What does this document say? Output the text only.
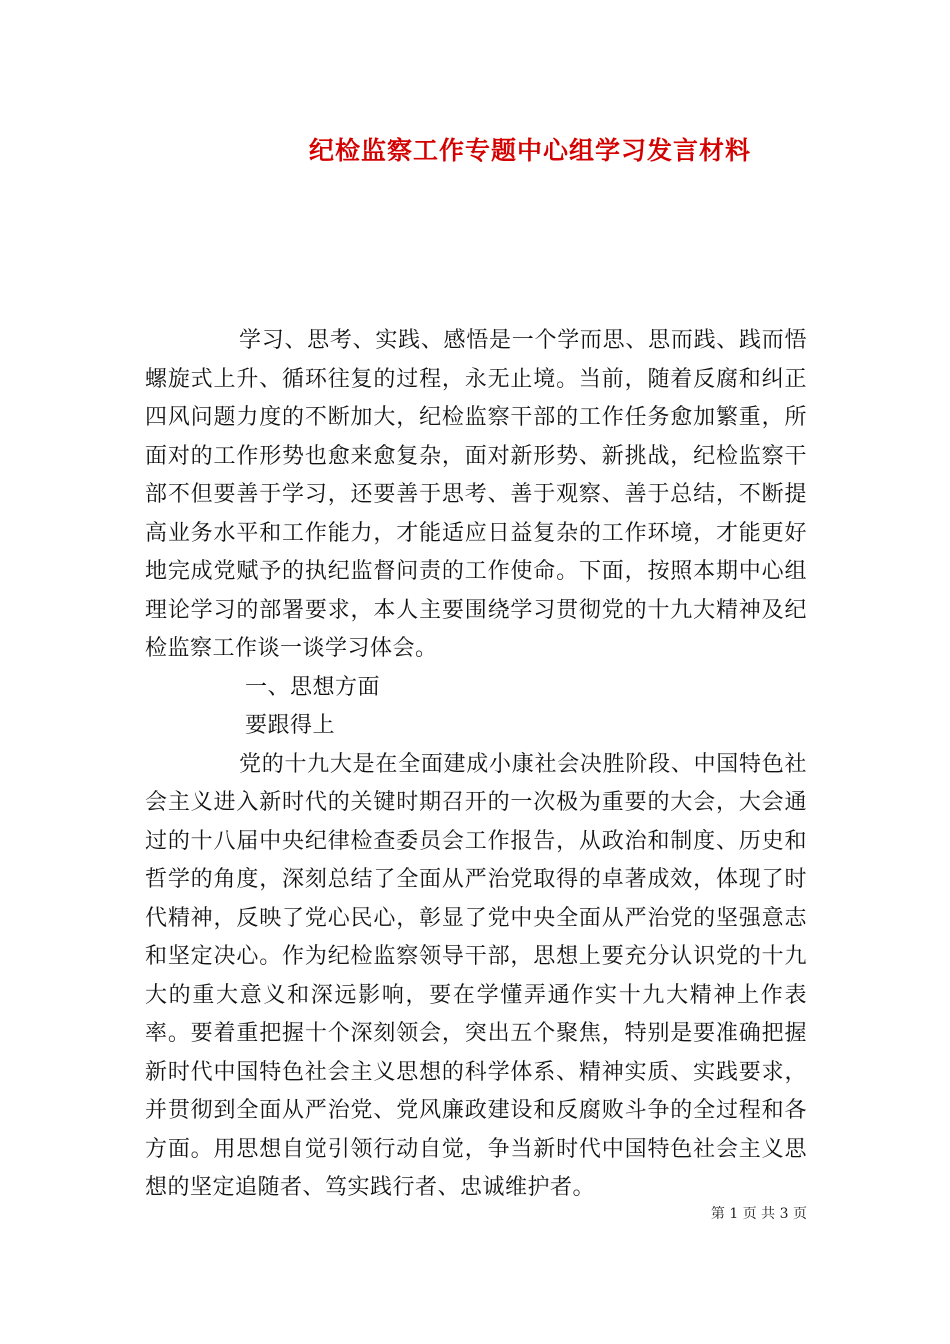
纪检监察工作专题中心组学习发言材料

学习、思考、实践、感悟是一个学而思、思而践、践而悟螺旋式上升、循环往复的过程，永无止境。当前，随着反腐和纠正四风问题力度的不断加大，纪检监察干部的工作任务愈加繁重，所面对的工作形势也愈来愈复杂，面对新形势、新挑战，纪检监察干部不但要善于学习，还要善于思考、善于观察、善于总结，不断提高业务水平和工作能力，才能适应日益复杂的工作环境，才能更好地完成党赋予的执纪监督问责的工作使命。下面，按照本期中心组理论学习的部署要求，本人主要围绕学习贯彻党的十九大精神及纪检监察工作谈一谈学习体会。

一、思想方面

要跟得上

党的十九大是在全面建成小康社会决胜阶段、中国特色社会主义进入新时代的关键时期召开的一次极为重要的大会，大会通过的十八届中央纪律检查委员会工作报告，从政治和制度、历史和哲学的角度，深刻总结了全面从严治党取得的卓著成效，体现了时代精神，反映了党心民心，彰显了党中央全面从严治党的坚强意志和坚定决心。作为纪检监察领导干部，思想上要充分认识党的十九大的重大意义和深远影响，要在学懂弄通作实十九大精神上作表率。要着重把握十个深刻领会，突出五个聚焦，特别是要准确把握新时代中国特色社会主义思想的科学体系、精神实质、实践要求，并贯彻到全面从严治党、党风廉政建设和反腐败斗争的全过程和各方面。用思想自觉引领行动自觉，争当新时代中国特色社会主义思想的坚定追随者、笃实践行者、忠诚维护者。

第 1 页 共 3 页
